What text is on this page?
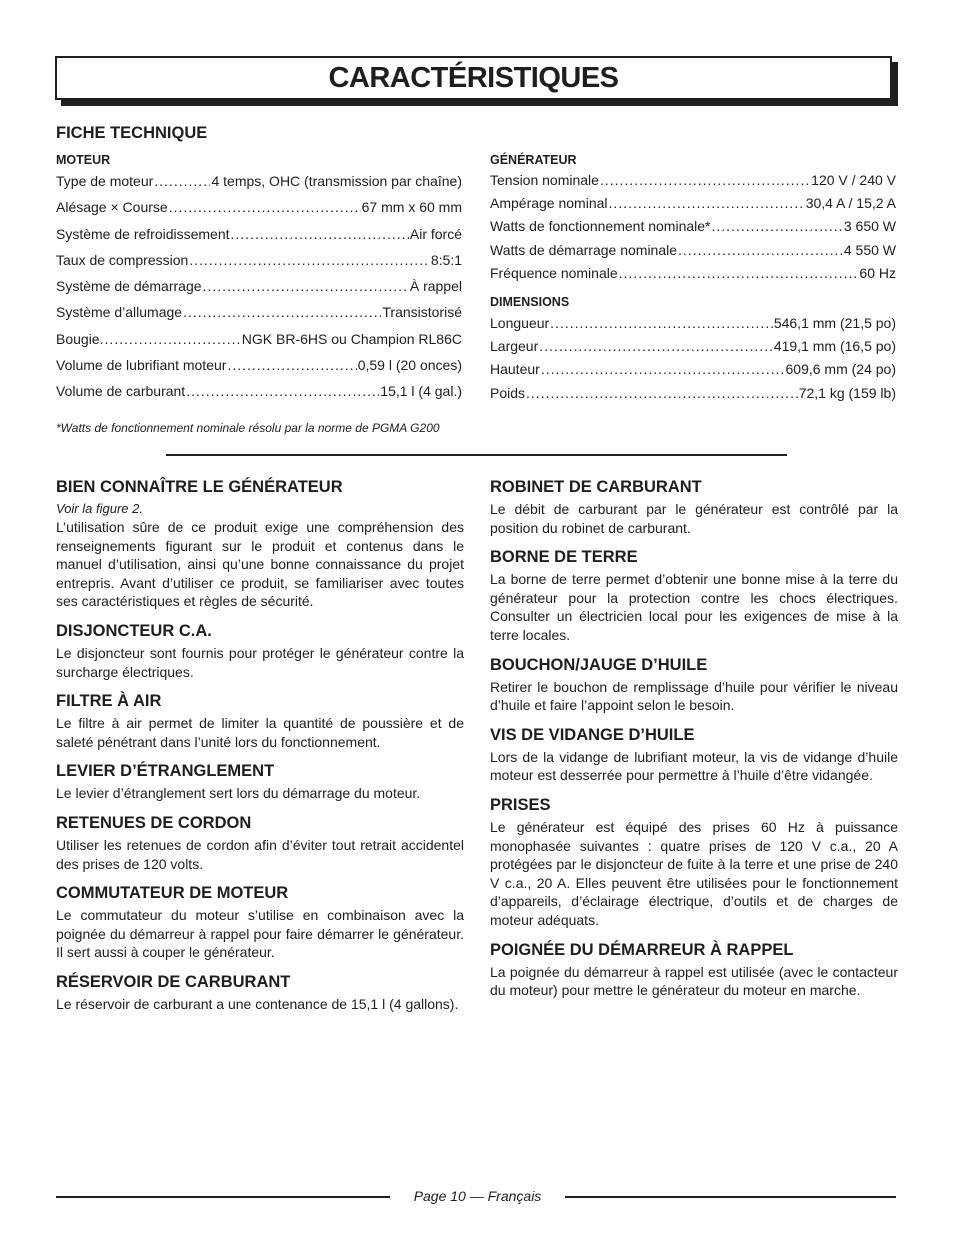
CARACTÉRISTIQUES
FICHE TECHNIQUE
MOTEUR
Type de moteur .....	4 temps, OHC (transmission par chaîne)
Alésage × Course .....	67 mm x 60 mm
Système de refroidissement .....	Air forcé
Taux de compression .....	8:5:1
Système de démarrage .....	À rappel
Système d’allumage .....	Transistorisé
Bougie. .....	NGK BR-6HS ou Champion RL86C
Volume de lubrifiant moteur .....	0,59 l (20 onces)
Volume de carburant .....	15,1 l (4 gal.)
GÉNÉRATEUR
Tension nominale .....	120 V / 240 V
Ampérage nominal .....	30,4 A / 15,2 A
Watts de fonctionnement nominale* .....	3 650 W
Watts de démarrage nominale .....	4 550 W
Fréquence nominale .....	60 Hz
DIMENSIONS
Longueur .....	546,1 mm (21,5 po)
Largeur .....	419,1 mm (16,5 po)
Hauteur .....	609,6 mm (24 po)
Poids .....	72,1 kg (159 lb)

*Watts de fonctionnement nominale résolu par la norme de PGMA G200

BIEN CONNAÎTRE LE GÉNÉRATEUR

Voir la figure 2.

L’utilisation sûre de ce produit exige une compréhension des renseignements figurant sur le produit et contenus dans le manuel d’utilisation, ainsi qu’une bonne connaissance du projet entrepris. Avant d’utiliser ce produit, se familiariser avec toutes ses caractéristiques et règles de sécurité.

DISJONCTEUR C.A.

Le disjoncteur sont fournis pour protéger le générateur contre la surcharge électriques.

FILTRE À AIR

Le filtre à air permet de limiter la quantité de poussière et de saleté pénétrant dans l’unité lors du fonctionnement.

LEVIER D’ÉTRANGLEMENT

Le levier d’étranglement sert lors du démarrage du moteur.

RETENUES DE CORDON

Utiliser les retenues de cordon afin d’éviter tout retrait accidentel des prises de 120 volts.

COMMUTATEUR DE MOTEUR

Le commutateur du moteur s’utilise en combinaison avec la poignée du démarreur à rappel pour faire démarrer le générateur. Il sert aussi à couper le générateur.

RÉSERVOIR DE CARBURANT

Le réservoir de carburant a une contenance de 15,1 l (4 gallons).

ROBINET DE CARBURANT

Le débit de carburant par le générateur est contrôlé par la position du robinet de carburant.

BORNE DE TERRE

La borne de terre permet d’obtenir une bonne mise à la terre du générateur pour la protection contre les chocs électriques. Consulter un électricien local pour les exigences de mise à la terre locales.

BOUCHON/JAUGE D’HUILE

Retirer le bouchon de remplissage d’huile pour vérifier le niveau d’huile et faire l’appoint selon le besoin.

VIS DE VIDANGE D’HUILE

Lors de la vidange de lubrifiant moteur, la vis de vidange d’huile moteur est desserrée pour permettre à l’huile d’être vidangée.

PRISES

Le générateur est équipé des prises 60 Hz à puissance monophasée suivantes : quatre prises de 120 V c.a., 20 A protégées par le disjoncteur de fuite à la terre et une prise de 240 V c.a., 20 A. Elles peuvent être utilisées pour le fonctionnement d’appareils, d’éclairage électrique, d’outils et de charges de moteur adéquats.

POIGNÉE DU DÉMARREUR À RAPPEL

La poignée du démarreur à rappel est utilisée (avec le contacteur du moteur) pour mettre le générateur du moteur en marche.

Page 10 — Français
